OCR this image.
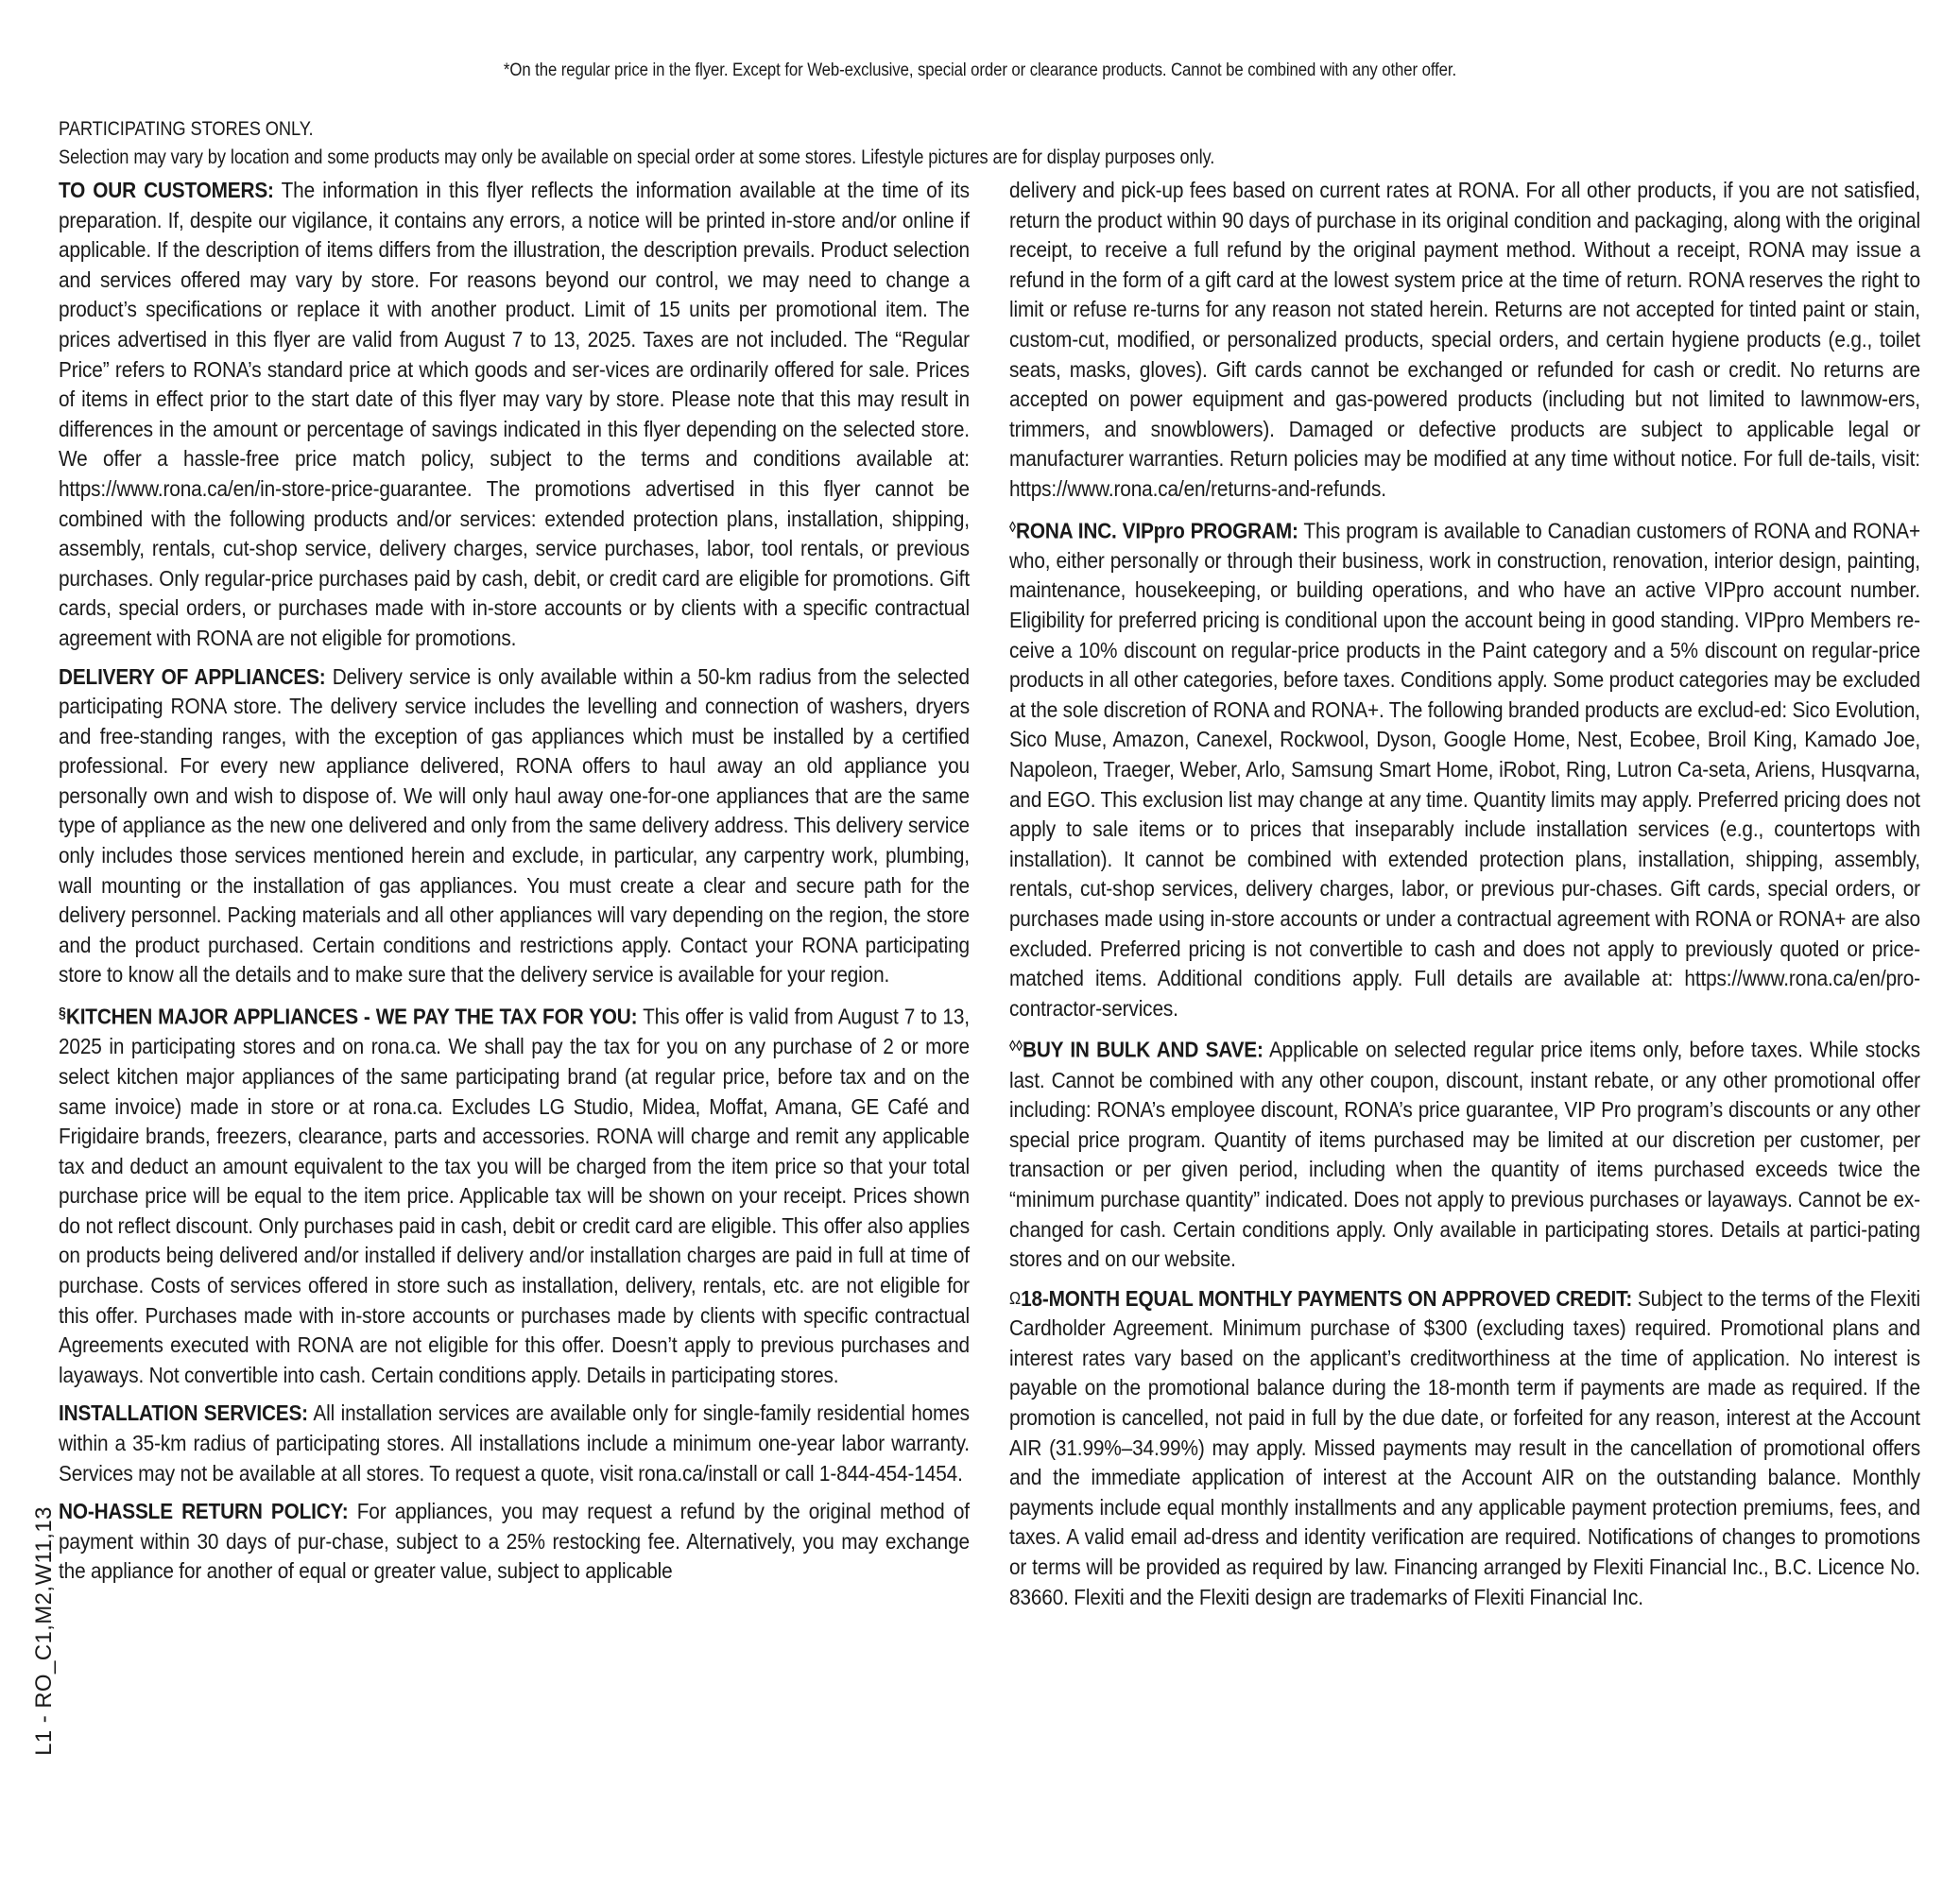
*On the regular price in the flyer. Except for Web-exclusive, special order or clearance products. Cannot be combined with any other offer.
PARTICIPATING STORES ONLY.
Selection may vary by location and some products may only be available on special order at some stores. Lifestyle pictures are for display purposes only.

TO OUR CUSTOMERS: The information in this flyer reflects the information available at the time of its preparation. If, despite our vigilance, it contains any errors, a notice will be printed in-store and/or online if applicable. If the description of items differs from the illustration, the description prevails. Product selection and services offered may vary by store. For reasons beyond our control, we may need to change a product’s specifications or replace it with another product. Limit of 15 units per promotional item. The prices advertised in this flyer are valid from August 7 to 13, 2025. Taxes are not included. The “Regular Price” refers to RONA’s standard price at which goods and ser-vices are ordinarily offered for sale. Prices of items in effect prior to the start date of this flyer may vary by store. Please note that this may result in differences in the amount or percentage of savings indicated in this flyer depending on the selected store. We offer a hassle-free price match policy, subject to the terms and conditions available at: https://www.rona.ca/en/in-store-price-guarantee. The promotions advertised in this flyer cannot be combined with the following products and/or services: extended protection plans, installation, shipping, assembly, rentals, cut-shop service, delivery charges, service purchases, labor, tool rentals, or previous purchases. Only regular-price purchases paid by cash, debit, or credit card are eligible for promotions. Gift cards, special orders, or purchases made with in-store accounts or by clients with a specific contractual agreement with RONA are not eligible for promotions.

DELIVERY OF APPLIANCES: Delivery service is only available within a 50-km radius from the selected participating RONA store. The delivery service includes the levelling and connection of washers, dryers and free-standing ranges, with the exception of gas appliances which must be installed by a certified professional. For every new appliance delivered, RONA offers to haul away an old appliance you personally own and wish to dispose of. We will only haul away one-for-one appliances that are the same type of appliance as the new one delivered and only from the same delivery address. This delivery service only includes those services mentioned herein and exclude, in particular, any carpentry work, plumbing, wall mounting or the installation of gas appliances. You must create a clear and secure path for the delivery personnel. Packing materials and all other appliances will vary depending on the region, the store and the product purchased. Certain conditions and restrictions apply. Contact your RONA participating store to know all the details and to make sure that the delivery service is available for your region.

§KITCHEN MAJOR APPLIANCES - WE PAY THE TAX FOR YOU: This offer is valid from August 7 to 13, 2025 in participating stores and on rona.ca. We shall pay the tax for you on any purchase of 2 or more select kitchen major appliances of the same participating brand (at regular price, before tax and on the same invoice) made in store or at rona.ca. Excludes LG Studio, Midea, Moffat, Amana, GE Café and Frigidaire brands, freezers, clearance, parts and accessories. RONA will charge and remit any applicable tax and deduct an amount equivalent to the tax you will be charged from the item price so that your total purchase price will be equal to the item price. Applicable tax will be shown on your receipt. Prices shown do not reflect discount. Only purchases paid in cash, debit or credit card are eligible. This offer also applies on products being delivered and/or installed if delivery and/or installation charges are paid in full at time of purchase. Costs of services offered in store such as installation, delivery, rentals, etc. are not eligible for this offer. Purchases made with in-store accounts or purchases made by clients with specific contractual Agreements executed with RONA are not eligible for this offer. Doesn’t apply to previous purchases and layaways. Not convertible into cash. Certain conditions apply. Details in participating stores.

INSTALLATION SERVICES: All installation services are available only for single-family residential homes within a 35-km radius of participating stores. All installations include a minimum one-year labor warranty. Services may not be available at all stores. To request a quote, visit rona.ca/install or call 1-844-454-1454.

NO-HASSLE RETURN POLICY: For appliances, you may request a refund by the original method of payment within 30 days of pur-chase, subject to a 25% restocking fee. Alternatively, you may exchange the appliance for another of equal or greater value, subject to applicable

delivery and pick-up fees based on current rates at RONA. For all other products, if you are not satisfied, return the product within 90 days of purchase in its original condition and packaging, along with the original receipt, to receive a full refund by the original payment method. Without a receipt, RONA may issue a refund in the form of a gift card at the lowest system price at the time of return. RONA reserves the right to limit or refuse re-turns for any reason not stated herein. Returns are not accepted for tinted paint or stain, custom-cut, modified, or personalized products, special orders, and certain hygiene products (e.g., toilet seats, masks, gloves). Gift cards cannot be exchanged or refunded for cash or credit. No returns are accepted on power equipment and gas-powered products (including but not limited to lawnmow-ers, trimmers, and snowblowers). Damaged or defective products are subject to applicable legal or manufacturer warranties. Return policies may be modified at any time without notice. For full de-tails, visit: https://www.rona.ca/en/returns-and-refunds.

◊RONA INC. VIPpro PROGRAM: This program is available to Canadian customers of RONA and RONA+ who, either personally or through their business, work in construction, renovation, interior design, painting, maintenance, housekeeping, or building operations, and who have an active VIPpro account number. Eligibility for preferred pricing is conditional upon the account being in good standing. VIPpro Members re-ceive a 10% discount on regular-price products in the Paint category and a 5% discount on regular-price products in all other categories, before taxes. Conditions apply. Some product categories may be excluded at the sole discretion of RONA and RONA+. The following branded products are exclud-ed: Sico Evolution, Sico Muse, Amazon, Canexel, Rockwool, Dyson, Google Home, Nest, Ecobee, Broil King, Kamado Joe, Napoleon, Traeger, Weber, Arlo, Samsung Smart Home, iRobot, Ring, Lutron Ca-seta, Ariens, Husqvarna, and EGO. This exclusion list may change at any time. Quantity limits may apply. Preferred pricing does not apply to sale items or to prices that inseparably include installation services (e.g., countertops with installation). It cannot be combined with extended protection plans, installation, shipping, assembly, rentals, cut-shop services, delivery charges, labor, or previous pur-chases. Gift cards, special orders, or purchases made using in-store accounts or under a contractual agreement with RONA or RONA+ are also excluded. Preferred pricing is not convertible to cash and does not apply to previously quoted or price-matched items. Additional conditions apply. Full details are available at: https://www.rona.ca/en/pro-contractor-services.

◊◊BUY IN BULK AND SAVE: Applicable on selected regular price items only, before taxes. While stocks last. Cannot be combined with any other coupon, discount, instant rebate, or any other promotional offer including: RONA’s employee discount, RONA’s price guarantee, VIP Pro program’s discounts or any other special price program. Quantity of items purchased may be limited at our discretion per customer, per transaction or per given period, including when the quantity of items purchased exceeds twice the “minimum purchase quantity” indicated. Does not apply to previous purchases or layaways. Cannot be ex-changed for cash. Certain conditions apply. Only available in participating stores. Details at partici-pating stores and on our website.

Ω18-MONTH EQUAL MONTHLY PAYMENTS ON APPROVED CREDIT: Subject to the terms of the Flexiti Cardholder Agreement. Minimum purchase of $300 (excluding taxes) required. Promotional plans and interest rates vary based on the applicant’s creditworthiness at the time of application. No interest is payable on the promotional balance during the 18-month term if payments are made as required. If the promotion is cancelled, not paid in full by the due date, or forfeited for any reason, interest at the Account AIR (31.99%–34.99%) may apply. Missed payments may result in the cancellation of promotional offers and the immediate application of interest at the Account AIR on the outstanding balance. Monthly payments include equal monthly installments and any applicable payment protection premiums, fees, and taxes. A valid email ad-dress and identity verification are required. Notifications of changes to promotions or terms will be provided as required by law. Financing arranged by Flexiti Financial Inc., B.C. Licence No. 83660. Flexiti and the Flexiti design are trademarks of Flexiti Financial Inc.

L1 - RO_C1,M2,W11,13
